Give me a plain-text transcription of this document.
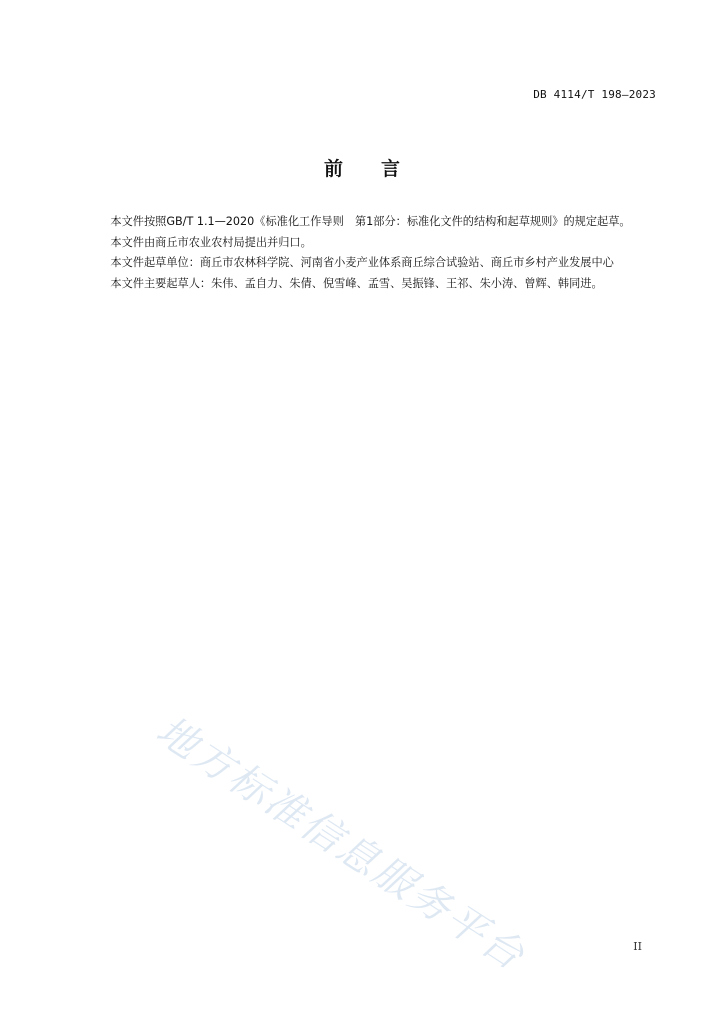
DB 4114/T 198—2023
前言

本文件按照GB/T 1.1—2020《标准化工作导则　第1部分：标准化文件的结构和起草规则》的规定起草。

本文件由商丘市农业农村局提出并归口。

本文件起草单位：商丘市农林科学院、河南省小麦产业体系商丘综合试验站、商丘市乡村产业发展中心

本文件主要起草人：朱伟、孟自力、朱倩、倪雪峰、孟雪、吴振锋、王祁、朱小涛、曾辉、韩同进。

地方标准信息服务平台	II
